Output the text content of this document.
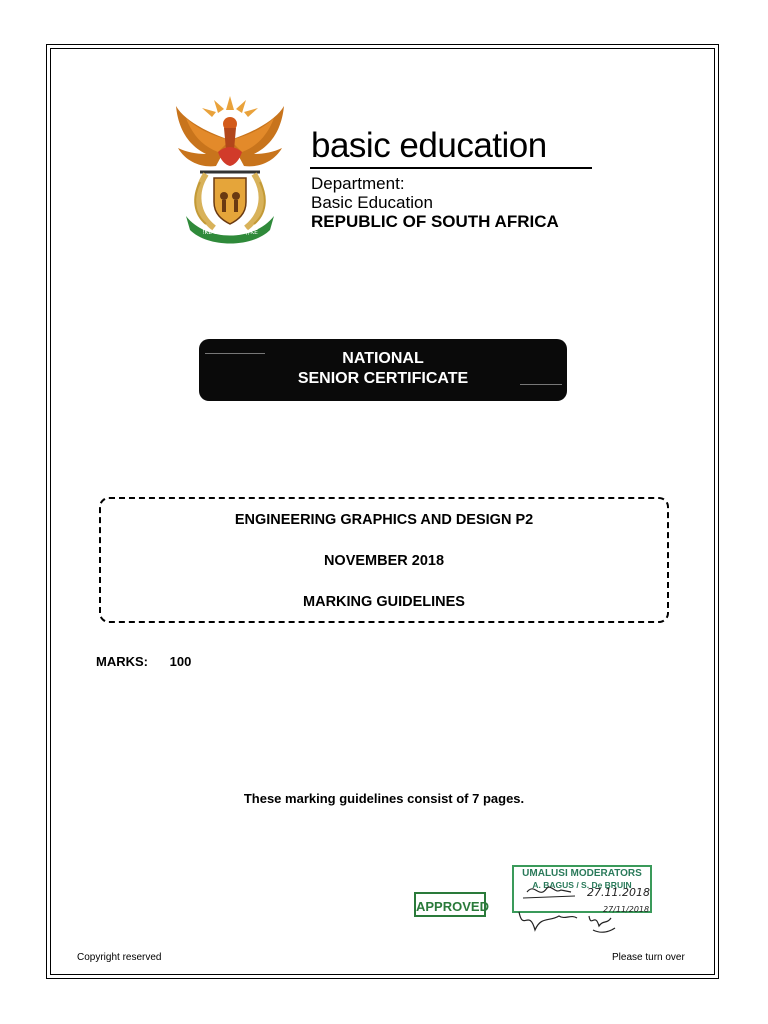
!KE E: /XARRA //KE
basic education
Department:
Basic Education
REPUBLIC OF SOUTH AFRICA
NATIONAL
SENIOR CERTIFICATE
ENGINEERING GRAPHICS AND DESIGN P2
NOVEMBER 2018
MARKING GUIDELINES
MARKS: 100
These marking guidelines consist of 7 pages.
APPROVED
UMALUSI MODERATORS
A. BAGUS / S. De BRUIN
27.11.2018
27/11/2018
Copyright reserved	Please turn over
